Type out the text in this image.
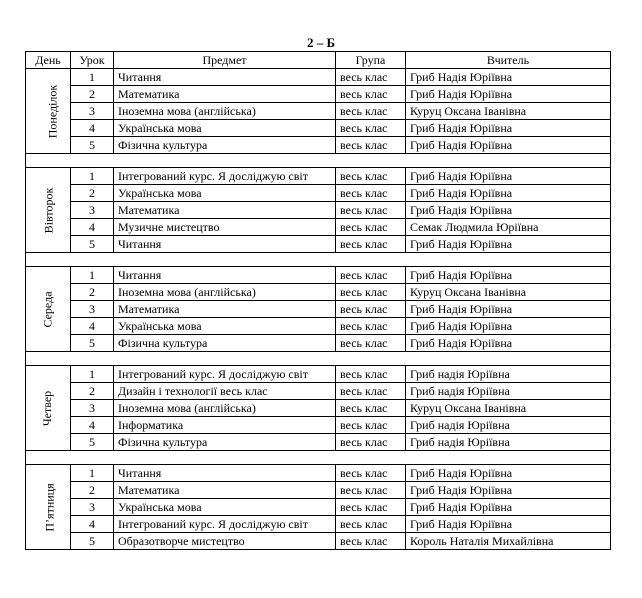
2 – Б
День	Урок	Предмет	Група	Вчитель
Понеділок	1	Читання	весь клас	Гриб Надія Юріївна
	2	Математика	весь клас	Гриб Надія Юріївна
	3	Іноземна мова (англійська)	весь клас	Куруц Оксана Іванівна
	4	Українська мова	весь клас	Гриб Надія Юріївна
	5	Фізична культура	весь клас	Гриб Надія Юріївна

Вівторок	1	Інтегрований курс. Я досліджую світ	весь клас	Гриб Надія Юріївна
	2	Українська мова	весь клас	Гриб Надія Юріївна
	3	Математика	весь клас	Гриб Надія Юріївна
	4	Музичне мистецтво	весь клас	Семак Людмила Юріївна
	5	Читання	весь клас	Гриб Надія Юріївна

Середа	1	Читання	весь клас	Гриб Надія Юріївна
	2	Іноземна мова (англійська)	весь клас	Куруц Оксана Іванівна
	3	Математика	весь клас	Гриб Надія Юріївна
	4	Українська мова	весь клас	Гриб Надія Юріївна
	5	Фізична культура	весь клас	Гриб Надія Юріївна

Четвер	1	Інтегрований курс. Я досліджую світ	весь клас	Гриб надія Юріївна
	2	Дизайн і технології весь клас	весь клас	Гриб надія Юріївна
	3	Іноземна мова (англійська)	весь клас	Куруц Оксана Іванівна
	4	Інформатика	весь клас	Гриб надія Юріївна
	5	Фізична культура	весь клас	Гриб надія Юріївна

П’ятниця	1	Читання	весь клас	Гриб Надія Юріївна
	2	Математика	весь клас	Гриб Надія Юріївна
	3	Українська мова	весь клас	Гриб Надія Юріївна
	4	Інтегрований курс. Я досліджую світ	весь клас	Гриб Надія Юріївна
	5	Образотворче мистецтво	весь клас	Король Наталія Михайлівна
